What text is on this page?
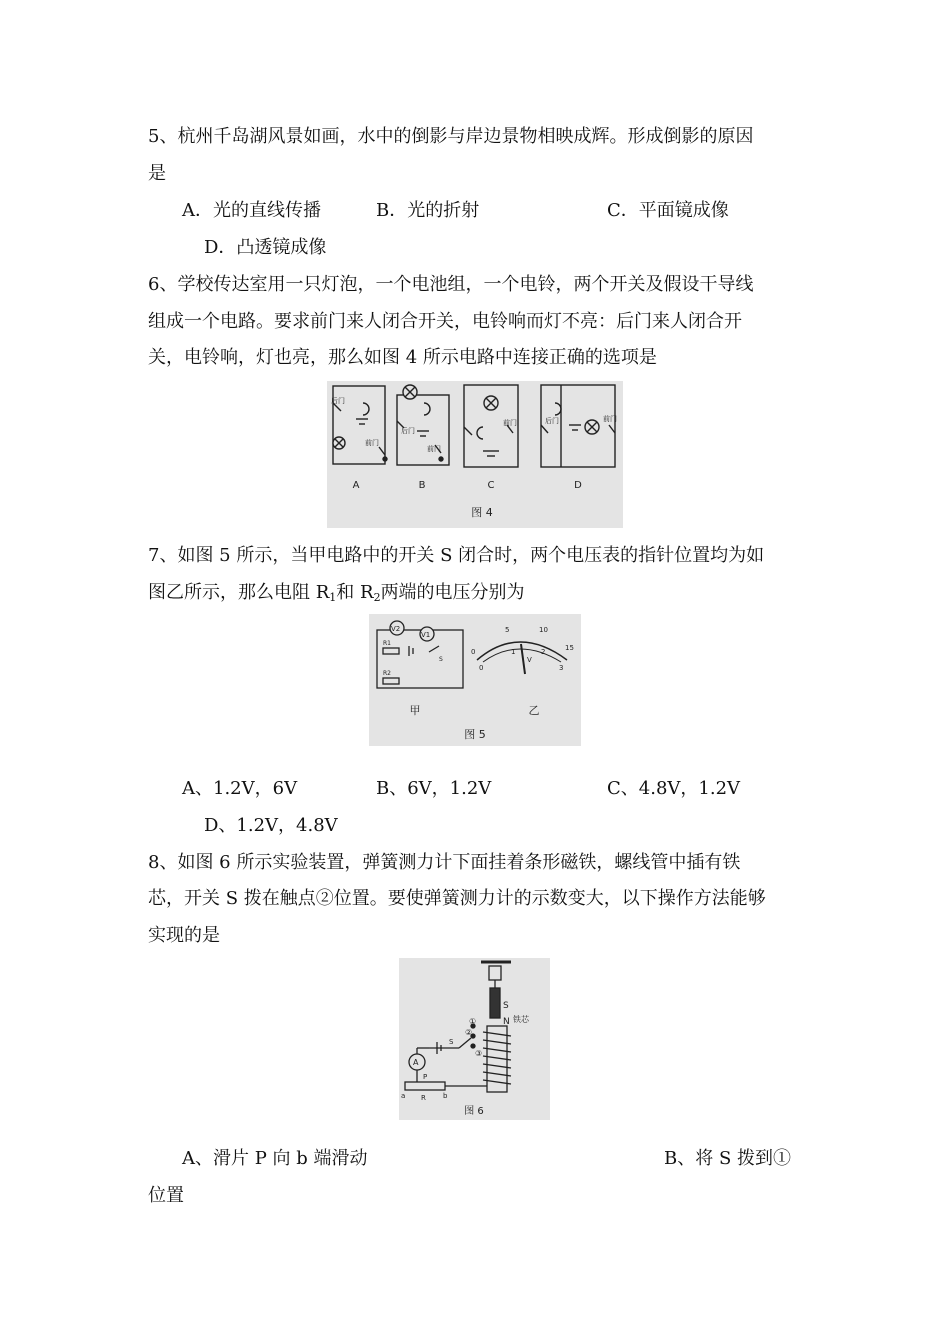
5、杭州千岛湖风景如画，水中的倒影与岸边景物相映成辉。形成倒影的原因
是
A．光的直线传播	B．光的折射	C．平面镜成像
D．凸透镜成像
6、学校传达室用一只灯泡，一个电池组，一个电铃，两个开关及假设干导线
组成一个电路。要求前门来人闭合开关，电铃响而灯不亮：后门来人闭合开
关，电铃响，灯也亮，那么如图 4 所示电路中连接正确的选项是
后门
前门
后门
前门
前门	后门	前门
A	B	C	D
图 4
7、如图 5 所示，当甲电路中的开关 S 闭合时，两个电压表的指针位置均为如
图乙所示，那么电阻 $R_1$和 $R_2$两端的电压分别为
V2
V1
R1
R2
S
0
5	10
15
0
1	2
3
V
甲	乙
图 5
A、1.2V，6V	B、6V，1.2V	C、4.8V，1.2V
D、1.2V，4.8V
8、如图 6 所示实验装置，弹簧测力计下面挂着条形磁铁，螺线管中插有铁
芯，开关 S 拨在触点②位置。要使弹簧测力计的示数变大，以下操作方法能够
实现的是
S
N 铁芯
①
②
③
S
A
P
a R b
图 6
A、滑片 P 向 b 端滑动	B、将 S 拨到①
位置
